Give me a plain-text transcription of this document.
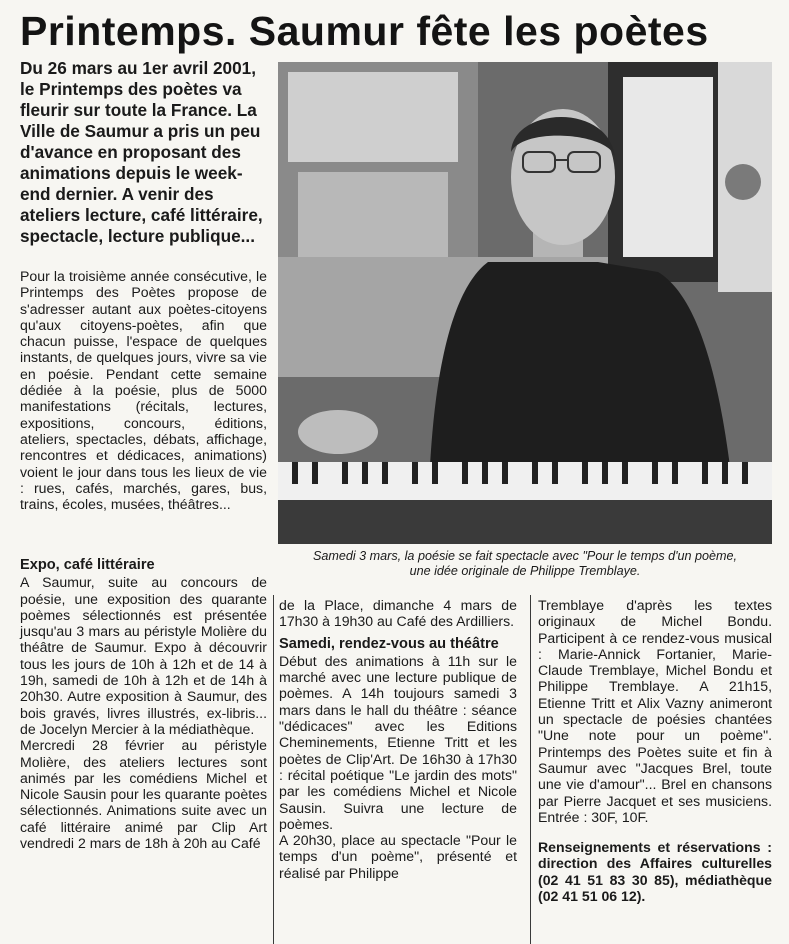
Printemps. Saumur fête les poètes
Du 26 mars au 1er avril 2001, le Printemps des poètes va fleurir sur toute la France. La Ville de Saumur a pris un peu d'avance en proposant des animations depuis le week-end dernier. A venir des ateliers lecture, café littéraire, spectacle, lecture publique...
Pour la troisième année consécutive, le Printemps des Poètes propose de s'adresser autant aux poètes-citoyens qu'aux citoyens-poètes, afin que chacun puisse, l'espace de quelques instants, de quelques jours, vivre sa vie en poésie. Pendant cette semaine dédiée à la poésie, plus de 5000 manifestations (récitals, lectures, expositions, concours, éditions, ateliers, spectacles, débats, affichage, rencontres et dédicaces, animations) voient le jour dans tous les lieux de vie : rues, cafés, marchés, gares, bus, trains, écoles, musées, théâtres...
Samedi 3 mars, la poésie se fait spectacle avec "Pour le temps d'un poème,
une idée originale de Philippe Tremblaye.
Expo, café littéraire

A Saumur, suite au concours de poésie, une exposition des quarante poèmes sélectionnés est présentée jusqu'au 3 mars au péristyle Molière du théâtre de Saumur. Expo à découvrir tous les jours de 10h à 12h et de 14 à 19h, samedi de 10h à 12h et de 14h à 20h30. Autre exposition à Saumur, des bois gravés, livres illustrés, ex-libris... de Jocelyn Mercier à la médiathèque.

Mercredi 28 février au péristyle Molière, des ateliers lectures sont animés par les comédiens Michel et Nicole Sausin pour les quarante poètes sélectionnés. Animations suite avec un café littéraire animé par Clip Art vendredi 2 mars de 18h à 20h au Café

de la Place, dimanche 4 mars de 17h30 à 19h30 au Café des Ardilliers.

Samedi, rendez-vous au théâtre

Début des animations à 11h sur le marché avec une lecture publique de poèmes. A 14h toujours samedi 3 mars dans le hall du théâtre : séance "dédicaces" avec les Editions Cheminements, Etienne Tritt et les poètes de Clip'Art. De 16h30 à 17h30 : récital poétique "Le jardin des mots" par les comédiens Michel et Nicole Sausin. Suivra une lecture de poèmes.

A 20h30, place au spectacle "Pour le temps d'un poème", présenté et réalisé par Philippe

Tremblaye d'après les textes originaux de Michel Bondu. Participent à ce rendez-vous musical : Marie-Annick Fortanier, Marie-Claude Tremblaye, Michel Bondu et Philippe Tremblaye. A 21h15, Etienne Tritt et Alix Vazny animeront un spectacle de poésies chantées "Une note pour un poème". Printemps des Poètes suite et fin à Saumur avec "Jacques Brel, toute une vie d'amour"... Brel en chansons par Pierre Jacquet et ses musiciens. Entrée : 30F, 10F.

Renseignements et réservations : direction des Affaires culturelles (02 41 51 83 30 85), médiathèque (02 41 51 06 12).
